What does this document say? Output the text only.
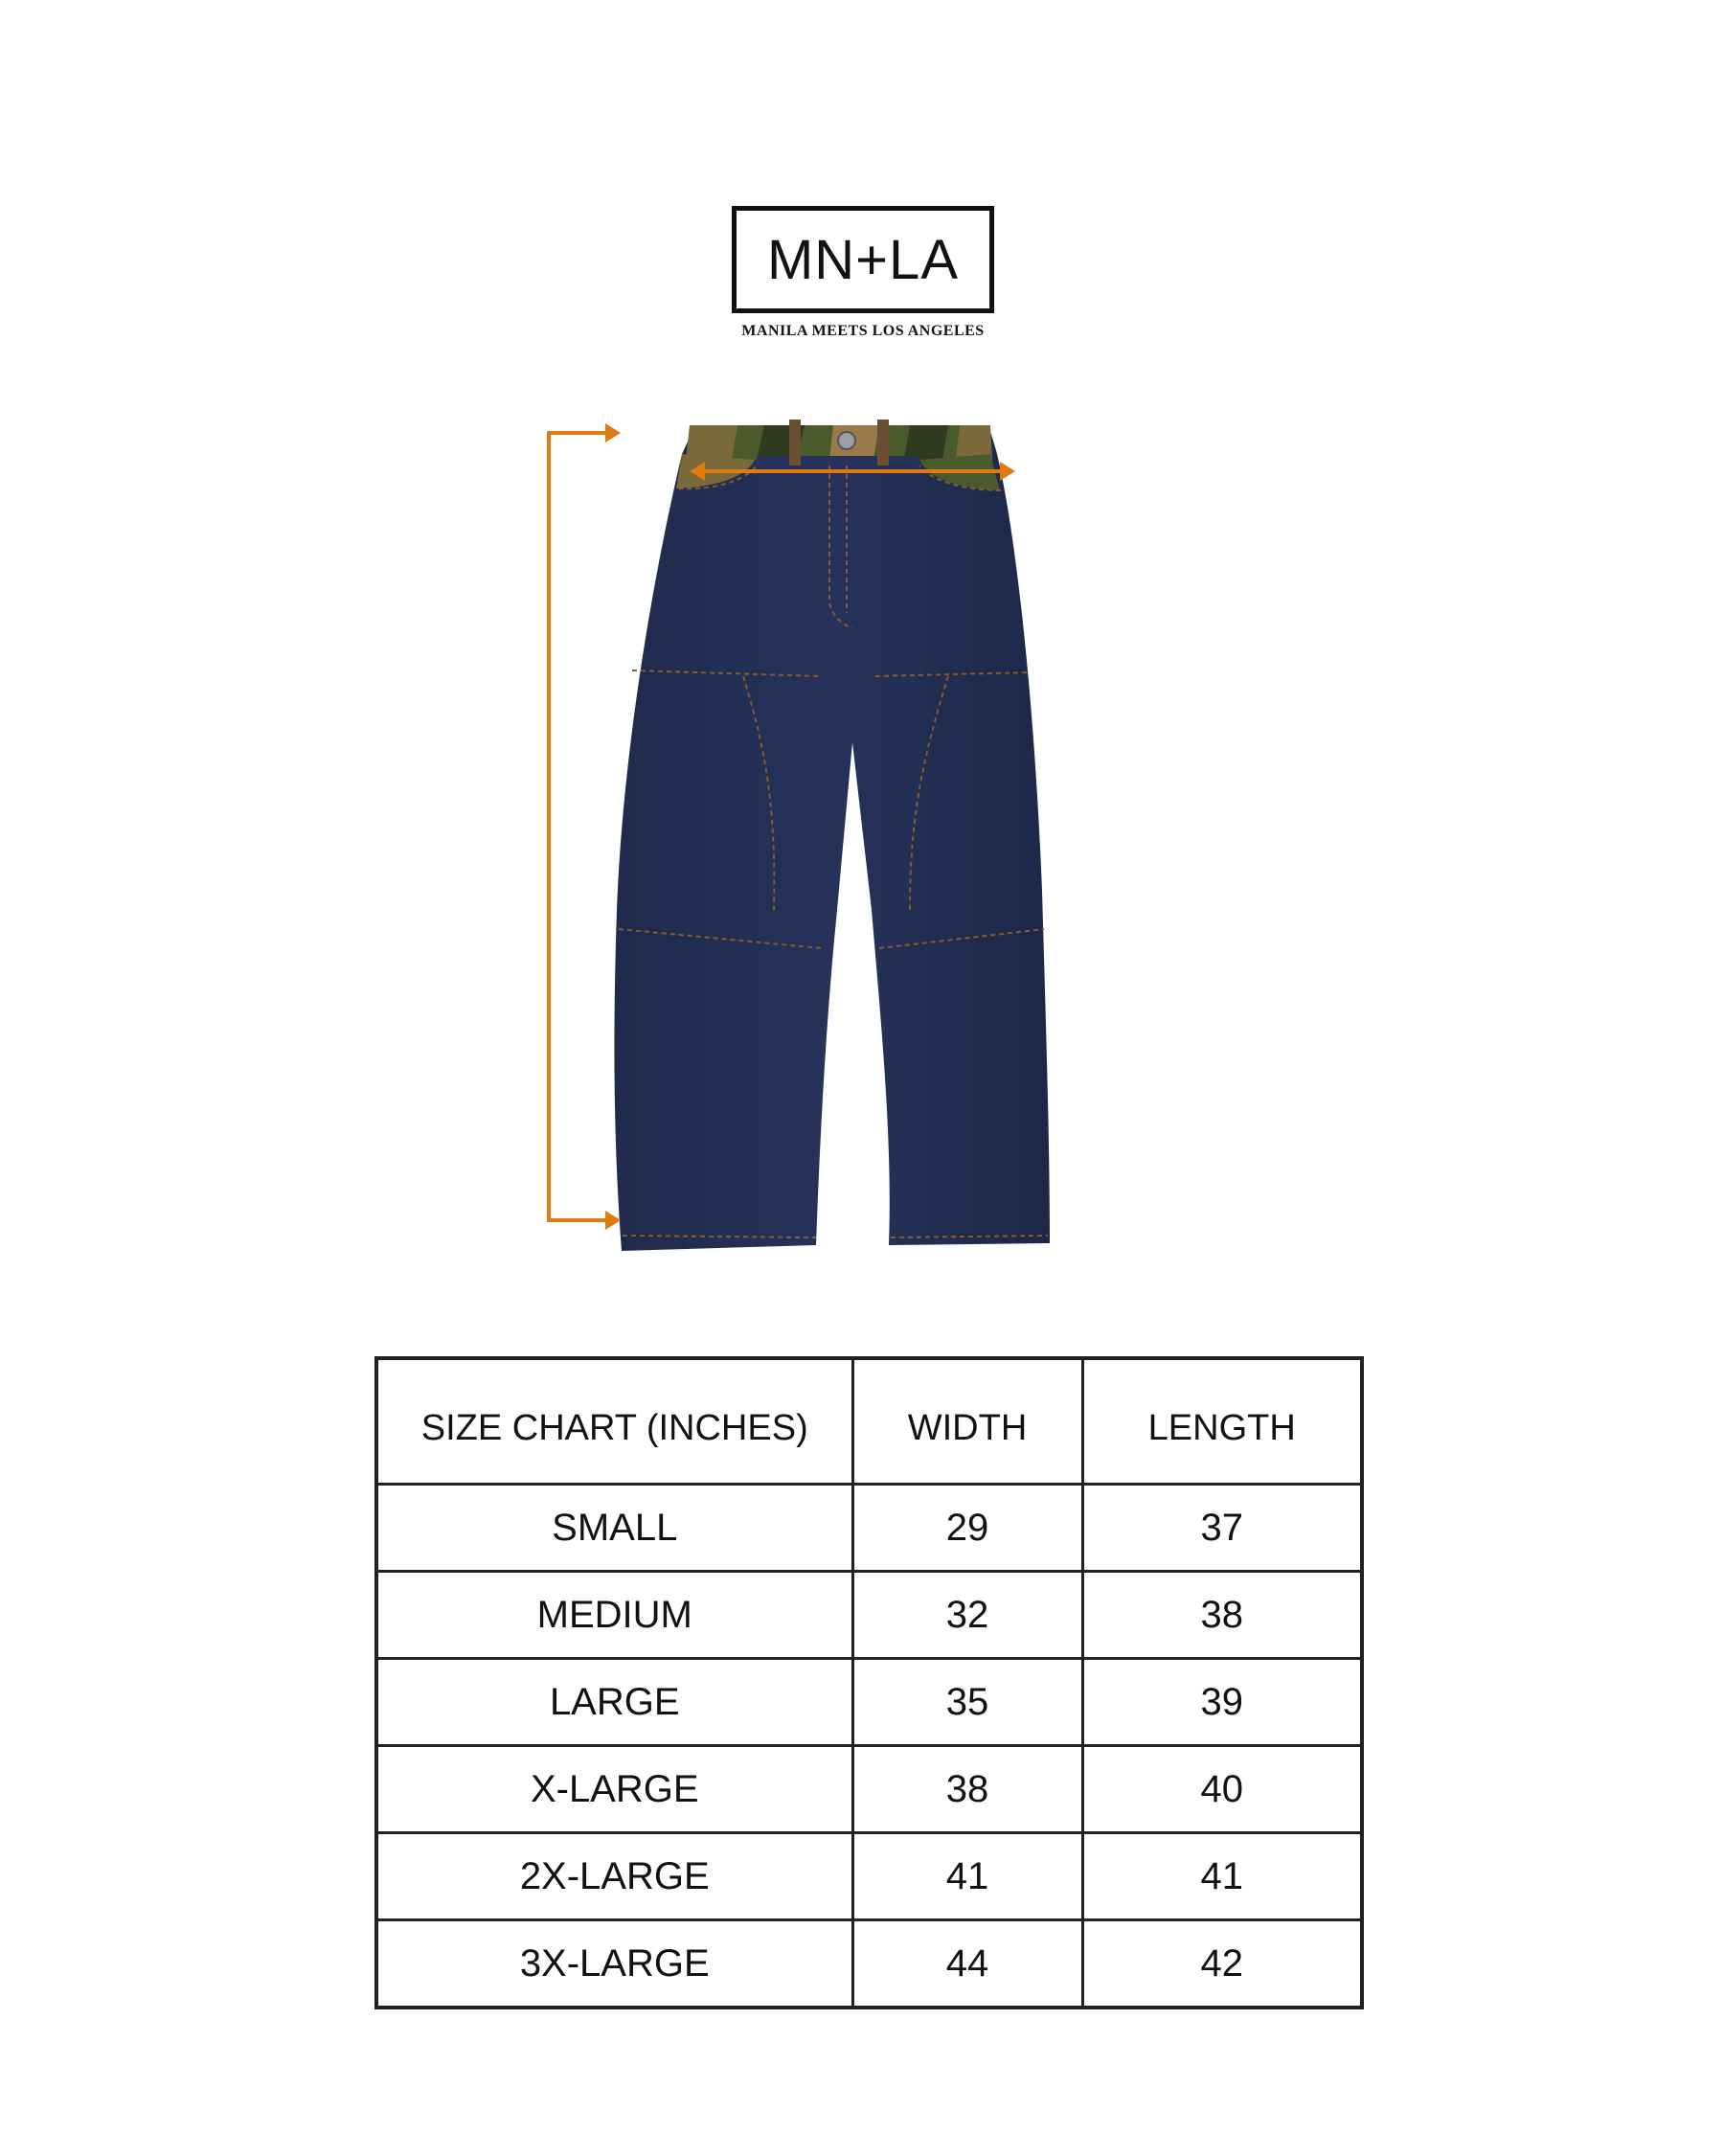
MN+LA
MANILA MEETS LOS ANGELES
SIZE CHART (INCHES)	WIDTH	LENGTH
SMALL	29	37
MEDIUM	32	38
LARGE	35	39
X-LARGE	38	40
2X-LARGE	41	41
3X-LARGE	44	42
